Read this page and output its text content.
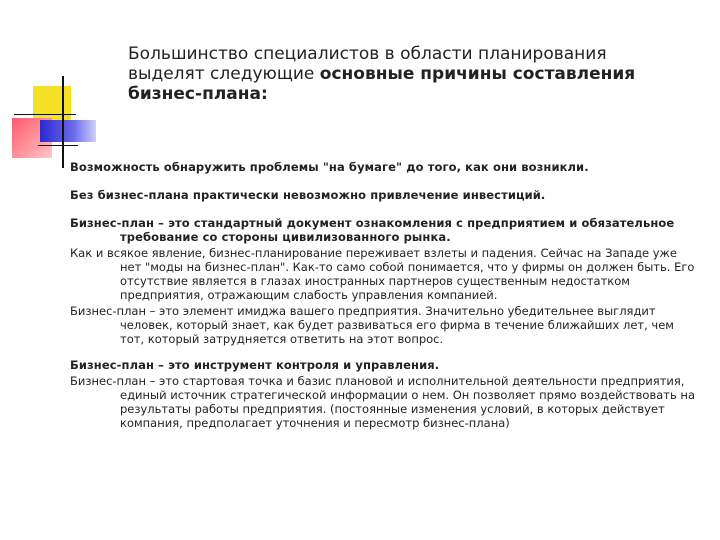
Большинство специалистов в области планирования выделят следующие основные причины составления бизнес-плана:

Возможность обнаружить проблемы "на бумаге" до того, как они возникли.

Без бизнес-плана практически невозможно привлечение инвестиций.

Бизнес-план – это стандартный документ ознакомления с предприятием и обязательное требование со стороны цивилизованного рынка.

Как и всякое явление, бизнес-планирование переживает взлеты и падения. Сейчас на Западе уже нет "моды на бизнес-план". Как-то само собой понимается, что у фирмы он должен быть. Его отсутствие является в глазах иностранных партнеров существенным недостатком предприятия, отражающим слабость управления компанией.

Бизнес-план – это элемент имиджа вашего предприятия. Значительно убедительнее выглядит человек, который знает, как будет развиваться его фирма в течение ближайших лет, чем тот, который затрудняется ответить на этот вопрос.

Бизнес-план – это инструмент контроля и управления.

Бизнес-план – это стартовая точка и базис плановой и исполнительной деятельности предприятия, единый источник стратегической информации о нем. Он позволяет прямо воздействовать на результаты работы предприятия. (постоянные изменения условий, в которых действует компания, предполагает уточнения и пересмотр бизнес-плана)
